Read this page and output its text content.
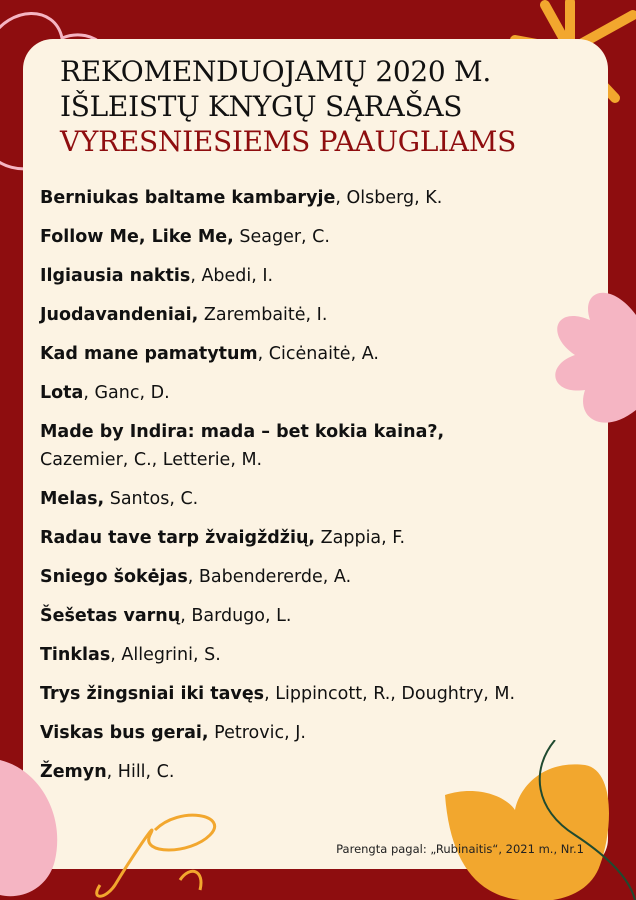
REKOMENDUOJAMŲ 2020 M.
IŠLEISTŲ KNYGŲ SĄRAŠAS
VYRESNIESIEMS PAAUGLIAMS
Berniukas baltame kambaryje, Olsberg, K.
Follow Me, Like Me, Seager, C.
Ilgiausia naktis, Abedi, I.
Juodavandeniai, Zarembaitė, I.
Kad mane pamatytum, Cicėnaitė, A.
Lota, Ganc, D.
Made by Indira: mada – bet kokia kaina?,
Cazemier, C., Letterie, M.
Melas, Santos, C.
Radau tave tarp žvaigždžių, Zappia, F.
Sniego šokėjas, Babendererde, A.
Šešetas varnų, Bardugo, L.
Tinklas, Allegrini, S.
Trys žingsniai iki tavęs, Lippincott, R., Doughtry, M.
Viskas bus gerai, Petrovic, J.
Žemyn, Hill, C.
Parengta pagal: „Rubinaitis“, 2021 m., Nr.1
